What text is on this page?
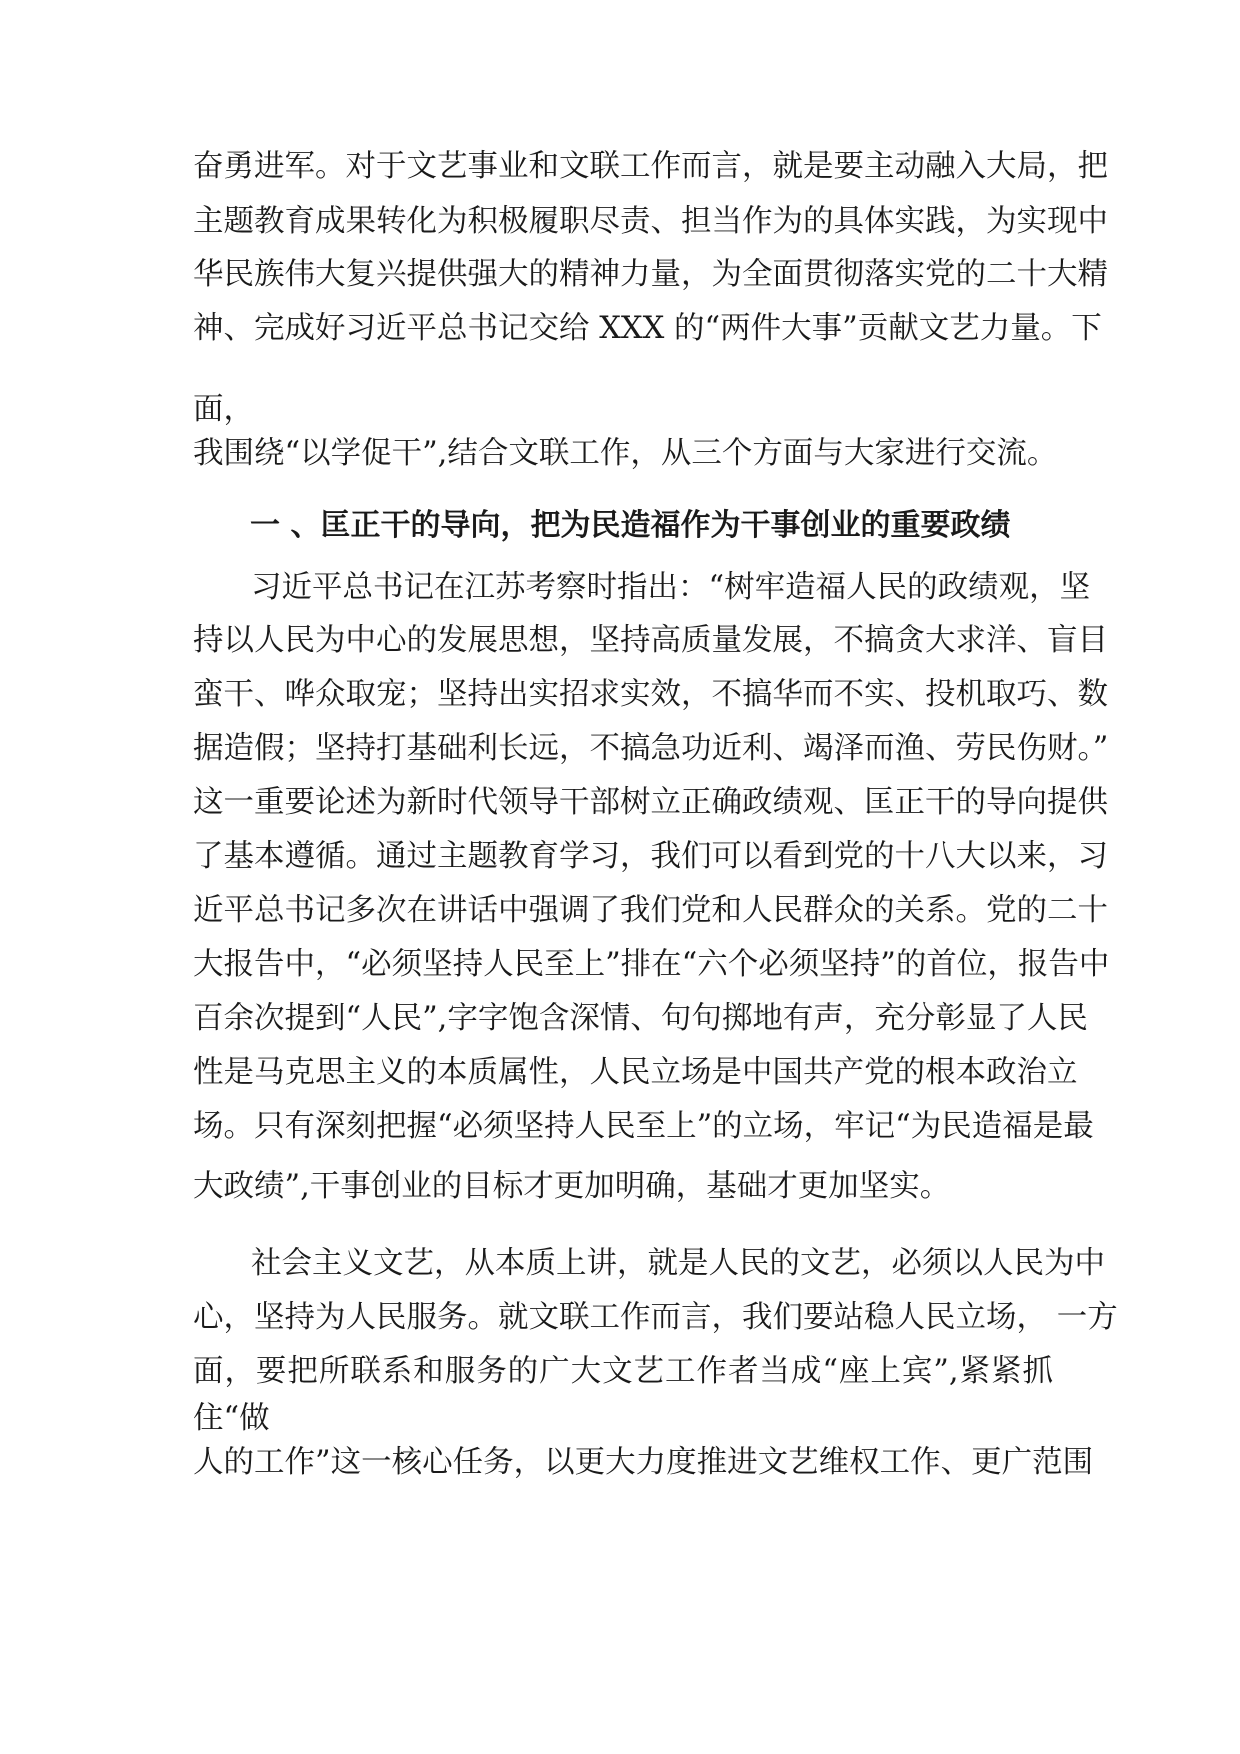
奋勇进军。对于文艺事业和文联工作而言，就是要主动融入大局，把
主题教育成果转化为积极履职尽责、担当作为的具体实践，为实现中
华民族伟大复兴提供强大的精神力量，为全面贯彻落实党的二十大精
神、完成好习近平总书记交给 XXX 的“两件大事”贡献文艺力量。下
面，
我围绕“以学促干”,结合文联工作，从三个方面与大家进行交流。
一 、匡正干的导向，把为民造福作为干事创业的重要政绩
习近平总书记在江苏考察时指出：“树牢造福人民的政绩观，坚
持以人民为中心的发展思想，坚持高质量发展，不搞贪大求洋、盲目
蛮干、哗众取宠；坚持出实招求实效，不搞华而不实、投机取巧、数
据造假；坚持打基础利长远，不搞急功近利、竭泽而渔、劳民伤财。”
这一重要论述为新时代领导干部树立正确政绩观、匡正干的导向提供
了基本遵循。通过主题教育学习，我们可以看到党的十八大以来，习
近平总书记多次在讲话中强调了我们党和人民群众的关系。党的二十
大报告中，“必须坚持人民至上”排在“六个必须坚持”的首位，报告中
百余次提到“人民”,字字饱含深情、句句掷地有声，充分彰显了人民
性是马克思主义的本质属性，人民立场是中国共产党的根本政治立
场。只有深刻把握“必须坚持人民至上”的立场，牢记“为民造福是最
大政绩”,干事创业的目标才更加明确，基础才更加坚实。
社会主义文艺，从本质上讲，就是人民的文艺，必须以人民为中
心，坚持为人民服务。就文联工作而言，我们要站稳人民立场， 一方
面，要把所联系和服务的广大文艺工作者当成“座上宾”,紧紧抓
住“做
人的工作”这一核心任务，以更大力度推进文艺维权工作、更广范围
